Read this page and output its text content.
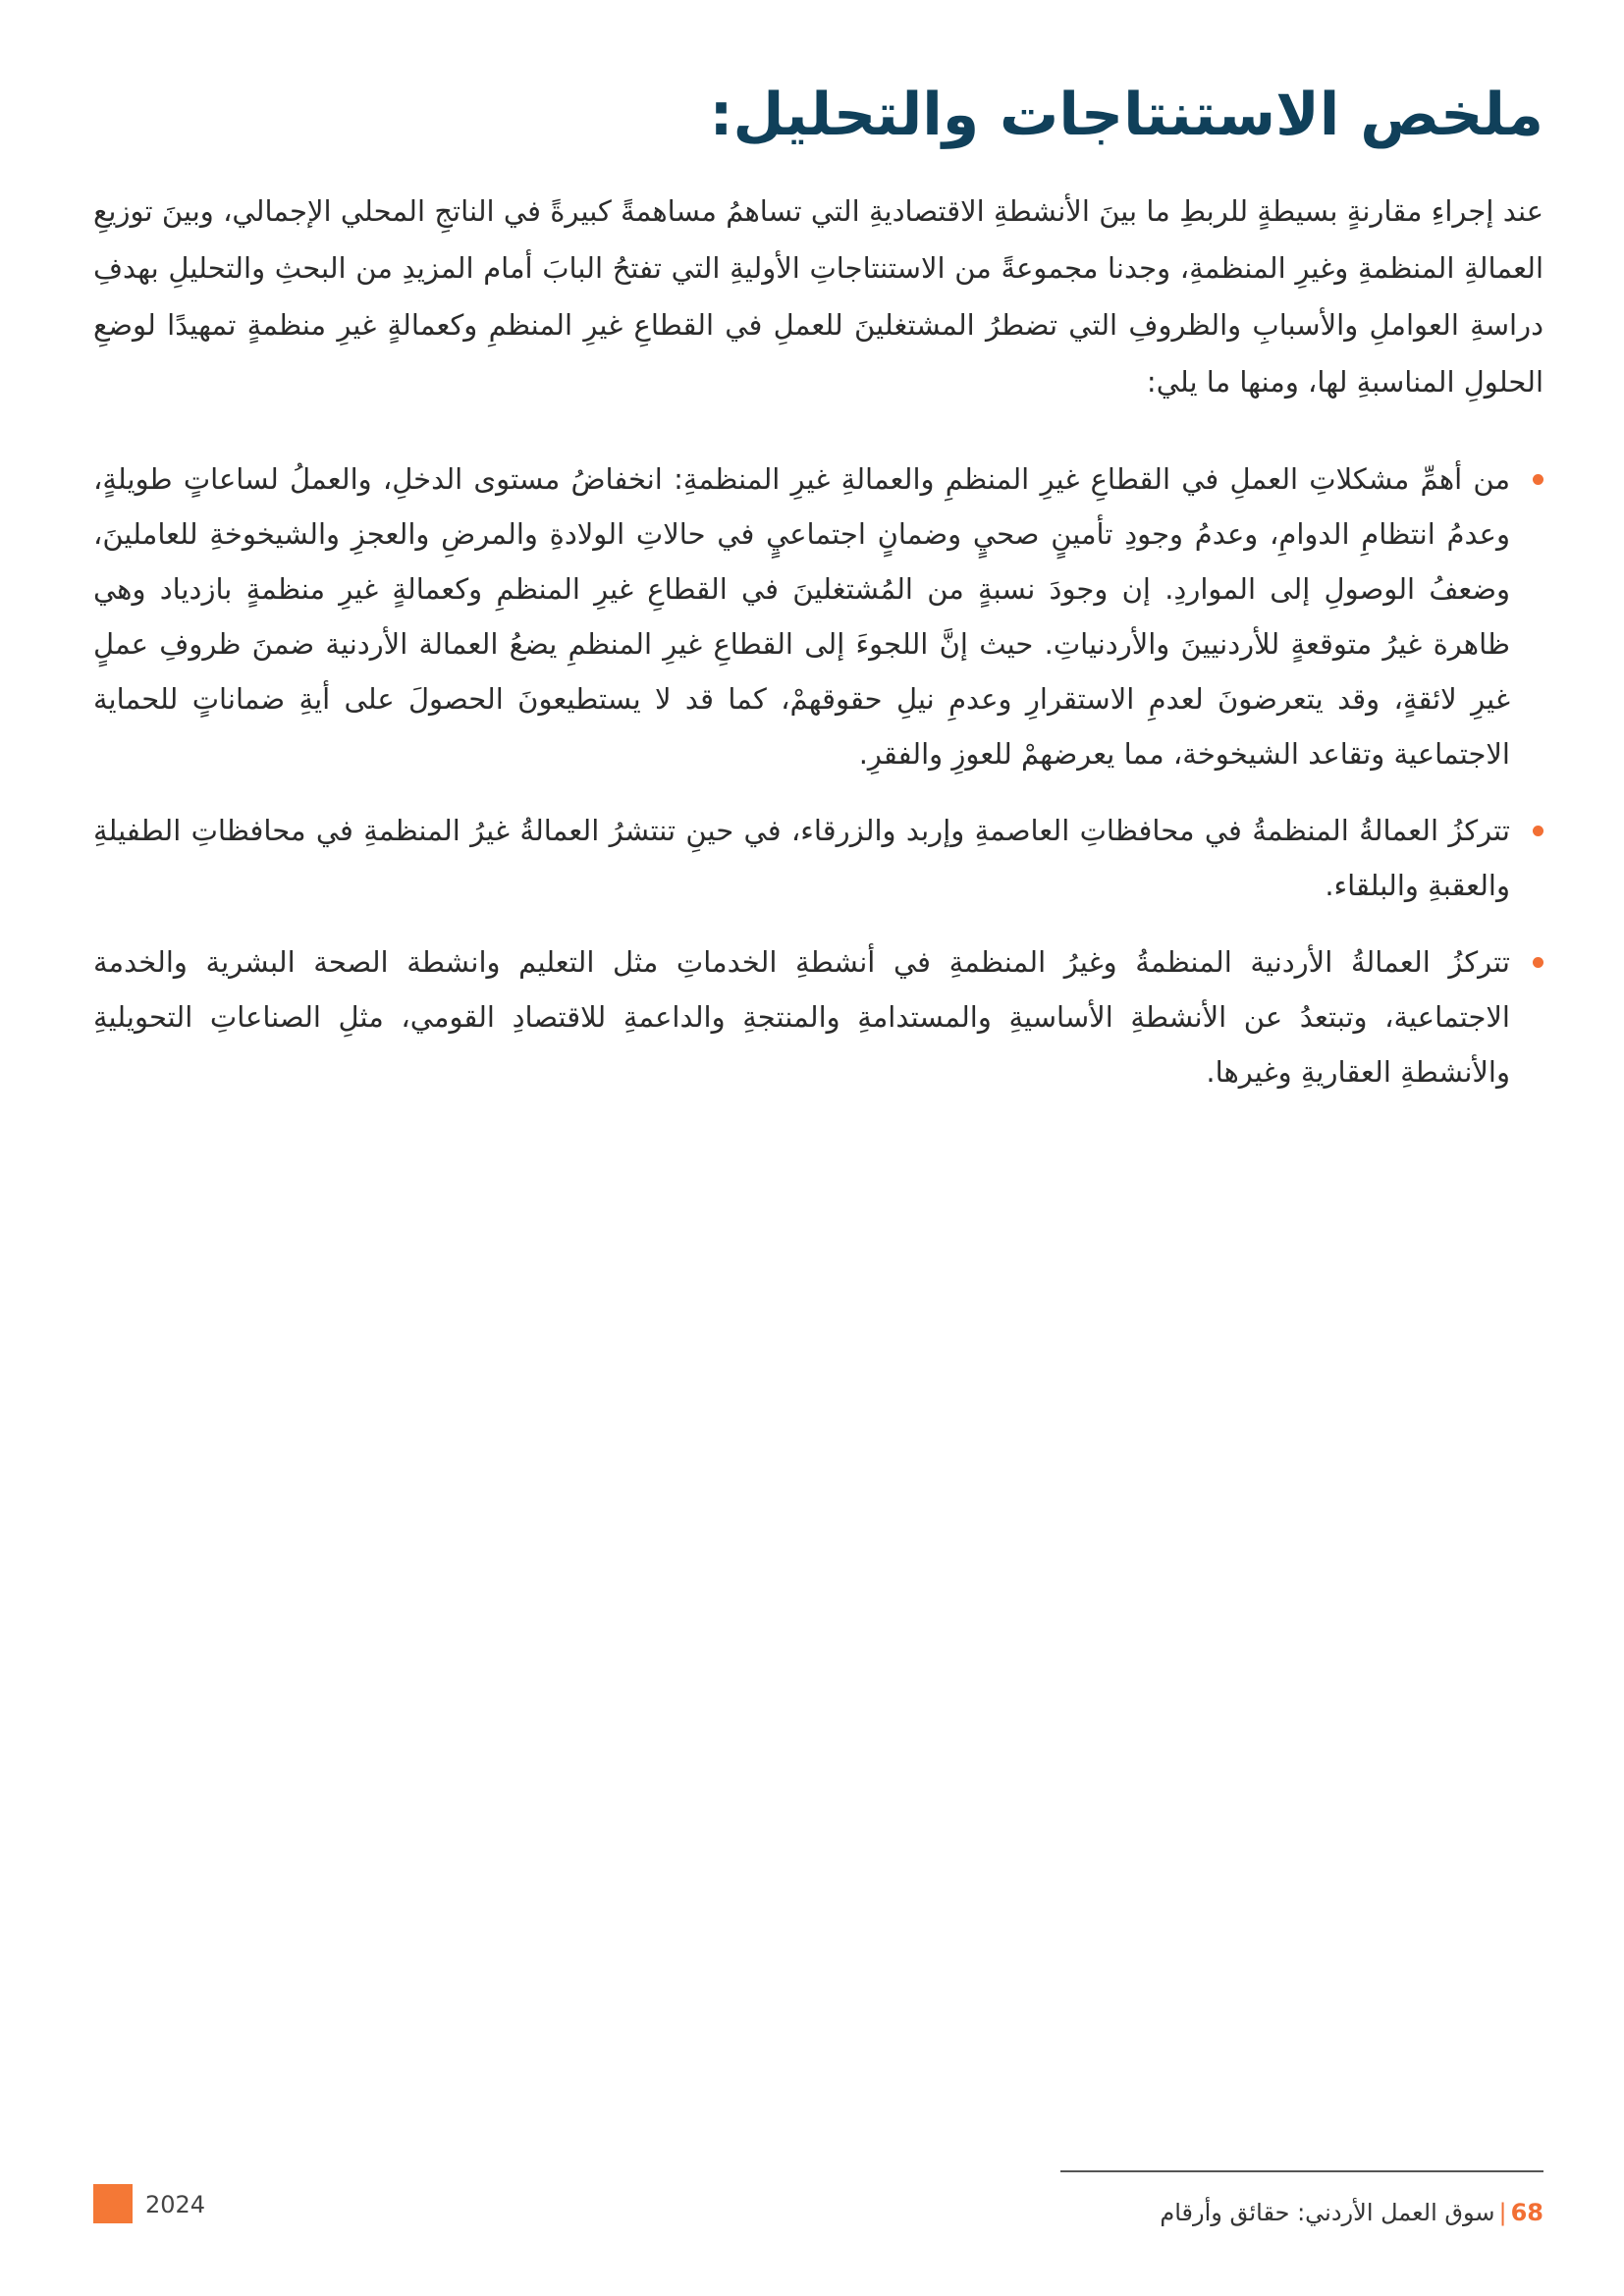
ملخص الاستنتاجات والتحليل:

عند إجراءِ مقارنةٍ بسيطةٍ للربطِ ما بينَ الأنشطةِ الاقتصاديةِ التي تساهمُ مساهمةً كبيرةً في الناتجِ المحلي الإجمالي، وبينَ توزيعِ العمالةِ المنظمةِ وغيرِ المنظمةِ، وجدنا مجموعةً من الاستنتاجاتِ الأوليةِ التي تفتحُ البابَ أمام المزيدِ من البحثِ والتحليلِ بهدفِ دراسةِ العواملِ والأسبابِ والظروفِ التي تضطرُ المشتغلينَ للعملِ في القطاعِ غيرِ المنظمِ وكعمالةٍ غيرِ منظمةٍ تمهيدًا لوضعِ الحلولِ المناسبةِ لها، ومنها ما يلي:

من أهمِّ مشكلاتِ العملِ في القطاعِ غيرِ المنظمِ والعمالةِ غيرِ المنظمةِ: انخفاضُ مستوى الدخلِ، والعملُ لساعاتٍ طويلةٍ، وعدمُ انتظامِ الدوامِ، وعدمُ وجودِ تأمينٍ صحيٍ وضمانٍ اجتماعيٍ في حالاتِ الولادةِ والمرضِ والعجزِ والشيخوخةِ للعاملينَ، وضعفُ الوصولِ إلى المواردِ. إن وجودَ نسبةٍ من المُشتغلينَ في القطاعِ غيرِ المنظمِ وكعمالةٍ غيرِ منظمةٍ بازدياد وهي ظاهرة غيرُ متوقعةٍ للأردنيينَ والأردنياتِ. حيث إنَّ اللجوءَ إلى القطاعِ غيرِ المنظمِ يضعُ العمالة الأردنية ضمنَ ظروفِ عملٍ غيرِ لائقةٍ، وقد يتعرضونَ لعدمِ الاستقرارِ وعدمِ نيلِ حقوقهمْ، كما قد لا يستطيعونَ الحصولَ على أيةِ ضماناتٍ للحماية الاجتماعية وتقاعد الشيخوخة، مما يعرضهمْ للعوزِ والفقرِ.
تتركزُ العمالةُ المنظمةُ في محافظاتِ العاصمةِ وإربد والزرقاء، في حينِ تنتشرُ العمالةُ غيرُ المنظمةِ في محافظاتِ الطفيلةِ والعقبةِ والبلقاء.
تتركزُ العمالةُ الأردنية المنظمةُ وغيرُ المنظمةِ في أنشطةِ الخدماتِ مثل التعليم وانشطة الصحة البشرية والخدمة الاجتماعية، وتبتعدُ عن الأنشطةِ الأساسيةِ والمستدامةِ والمنتجةِ والداعمةِ للاقتصادِ القومي، مثلِ الصناعاتِ التحويليةِ والأنشطةِ العقاريةِ وغيرها.
2024	68|سوق العمل الأردني: حقائق وأرقام
